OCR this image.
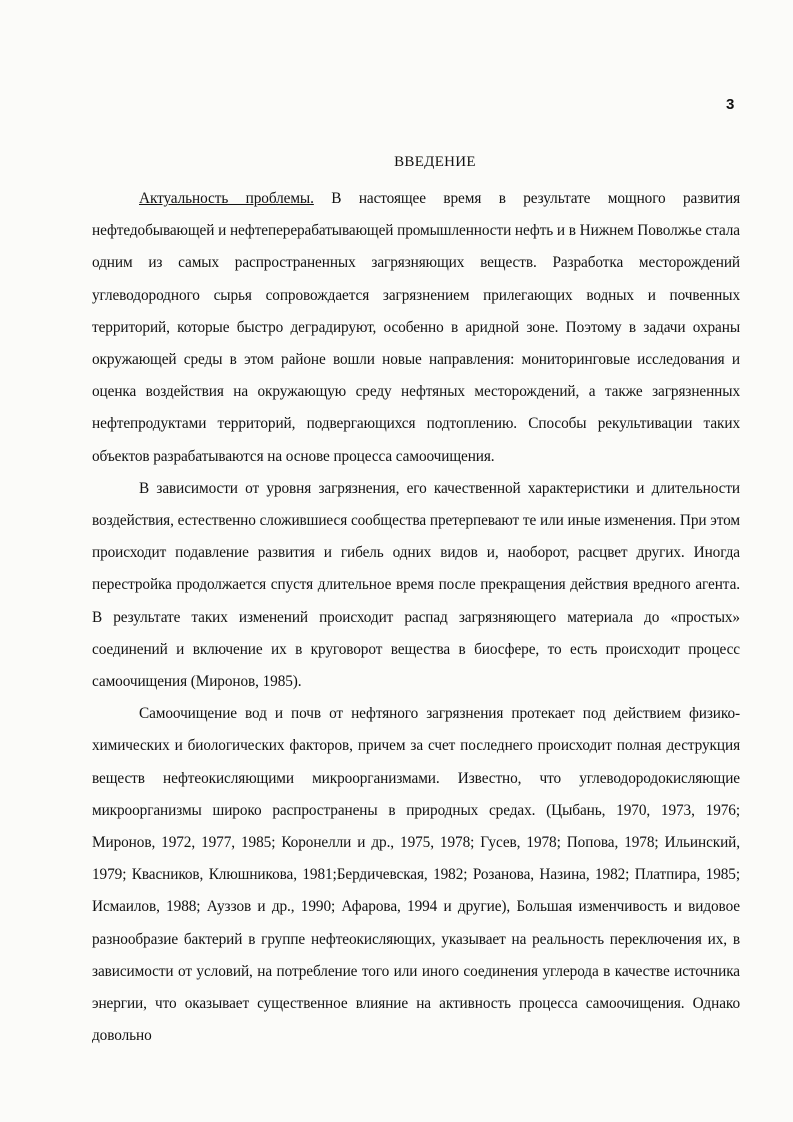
3
ВВЕДЕНИЕ

Актуальность проблемы. В настоящее время в результате мощного развития нефтедобывающей и нефтеперерабатывающей промышленности нефть и в Нижнем Поволжье стала одним из самых распространенных загрязняющих веществ. Разработка месторождений углеводородного сырья сопровождается загрязнением прилегающих водных и почвенных территорий, которые быстро деградируют, особенно в аридной зоне. Поэтому в задачи охраны окружающей среды в этом районе вошли новые направления: мониторинговые исследования и оценка воздействия на окружающую среду нефтяных месторождений, а также загрязненных нефтепродуктами территорий, подвергающихся подтоплению. Способы рекультивации таких объектов разрабатываются на основе процесса самоочищения.

В зависимости от уровня загрязнения, его качественной характеристики и длительности воздействия, естественно сложившиеся сообщества претерпевают те или иные изменения. При этом происходит подавление развития и гибель одних видов и, наоборот, расцвет других. Иногда перестройка продолжается спустя длительное время после прекращения действия вредного агента. В результате таких изменений происходит распад загрязняющего материала до «простых» соединений и включение их в круговорот вещества в биосфере, то есть происходит процесс самоочищения (Миронов, 1985).

Самоочищение вод и почв от нефтяного загрязнения протекает под действием физико-химических и биологических факторов, причем за счет последнего происходит полная деструкция веществ нефтеокисляющими микроорганизмами. Известно, что углеводородокисляющие микроорганизмы широко распространены в природных средах. (Цыбань, 1970, 1973, 1976; Миронов, 1972, 1977, 1985; Коронелли и др., 1975, 1978; Гусев, 1978; Попова, 1978; Ильинский, 1979; Квасников, Клюшникова, 1981;Бердичевская, 1982; Розанова, Назина, 1982; Платпира, 1985; Исмаилов, 1988; Ауззов и др., 1990; Афарова, 1994 и другие), Большая изменчивость и видовое разнообразие бактерий в группе нефтеокисляющих, указывает на реальность переключения их, в зависимости от условий, на потребление того или иного соединения углерода в качестве источника энергии, что оказывает существенное влияние на активность процесса самоочищения. Однако довольно
